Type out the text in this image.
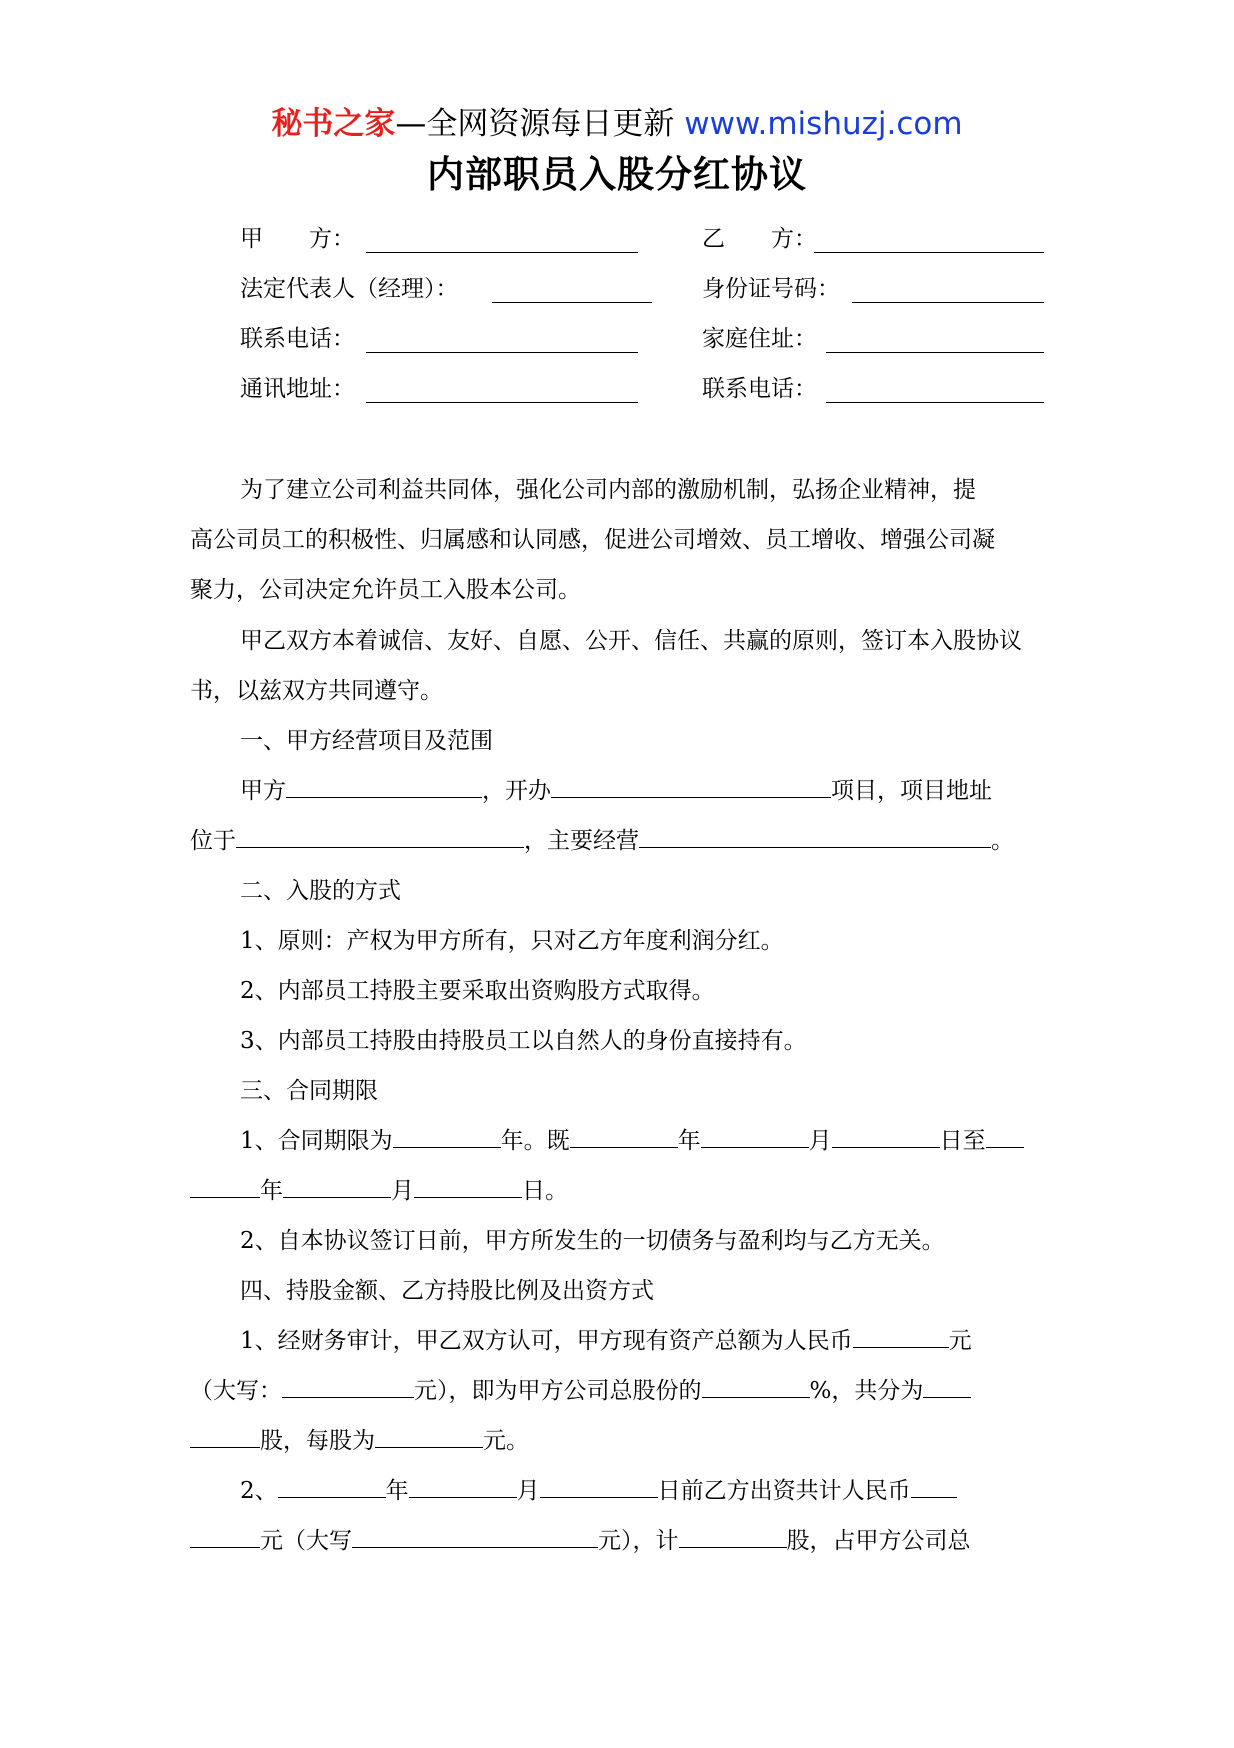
秘书之家—全网资源每日更新 www.mishuzj.com
内部职员入股分红协议
甲　　方：	乙　　方：
法定代表人（经理）：	身份证号码：
联系电话：	家庭住址：
通讯地址：	联系电话：
为了建立公司利益共同体，强化公司内部的激励机制，弘扬企业精神，提
高公司员工的积极性、归属感和认同感，促进公司增效、员工增收、增强公司凝
聚力，公司决定允许员工入股本公司。
甲乙双方本着诚信、友好、自愿、公开、信任、共赢的原则，签订本入股协议
书，以兹双方共同遵守。
一、甲方经营项目及范围
甲方	，开办	项目，项目地址
位于	，主要经营	。
二、入股的方式
1、原则：产权为甲方所有，只对乙方年度利润分红。
2、内部员工持股主要采取出资购股方式取得。
3、内部员工持股由持股员工以自然人的身份直接持有。
三、合同期限
1、合同期限为	年。既	年	月	日至
年	月	日。
2、自本协议签订日前，甲方所发生的一切债务与盈利均与乙方无关。
四、持股金额、乙方持股比例及出资方式
1、经财务审计，甲乙双方认可，甲方现有资产总额为人民币	元
（大写：	元），即为甲方公司总股份的	%，共分为
股，每股为	元。
2、	年	月	日前乙方出资共计人民币
元（大写	元），计	股，占甲方公司总
